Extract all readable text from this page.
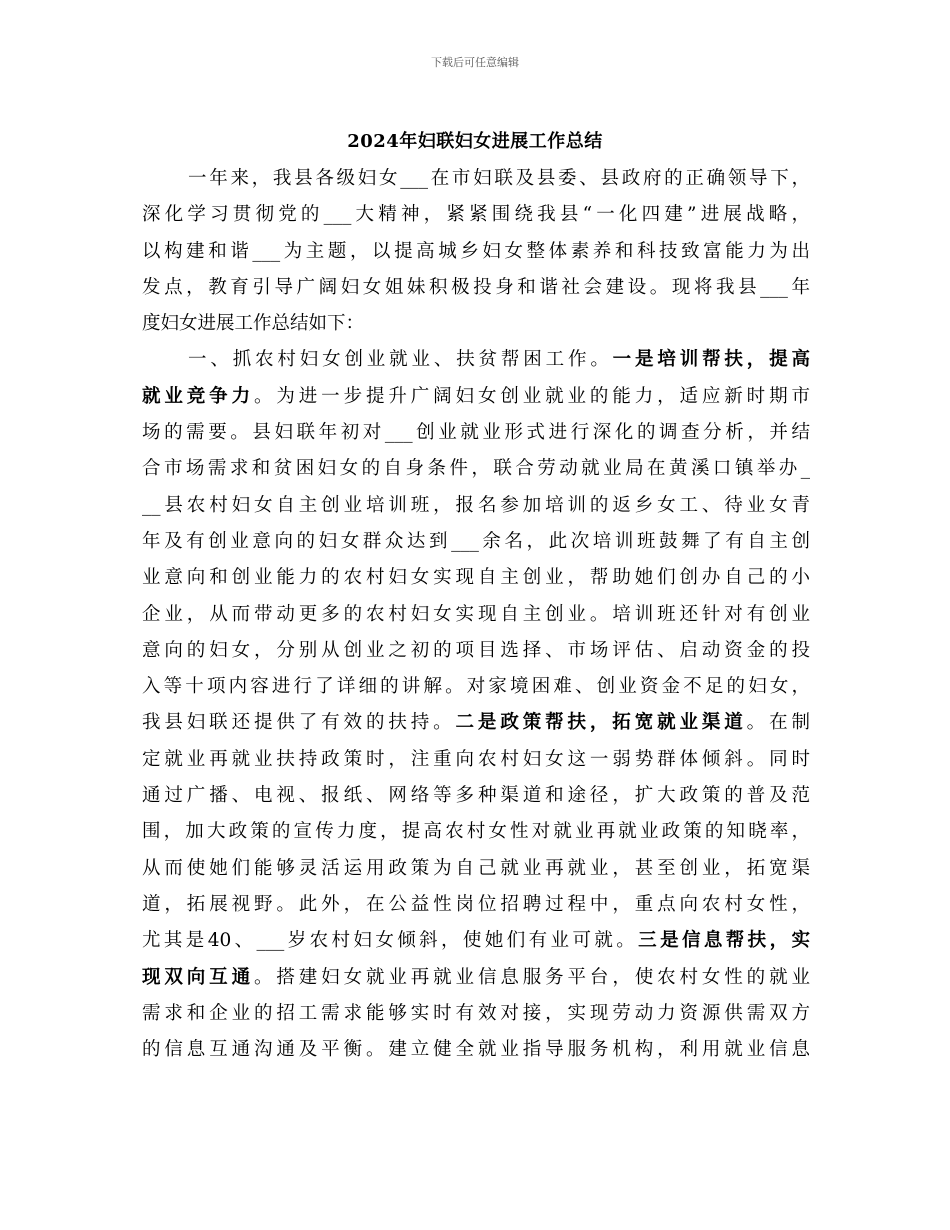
下载后可任意编辑
2024年妇联妇女进展工作总结
一年来，我县各级妇女___在市妇联及县委、县政府的正确领导下，
深化学习贯彻党的___大精神，紧紧围绕我县“一化四建”进展战略，
以构建和谐___为主题，以提高城乡妇女整体素养和科技致富能力为出
发点，教育引导广阔妇女姐妹积极投身和谐社会建设。现将我县___年
度妇女进展工作总结如下：
一、抓农村妇女创业就业、扶贫帮困工作。一是培训帮扶，提高
就业竞争力。为进一步提升广阔妇女创业就业的能力，适应新时期市
场的需要。县妇联年初对___创业就业形式进行深化的调查分析，并结
合市场需求和贫困妇女的自身条件，联合劳动就业局在黄溪口镇举办_
__县农村妇女自主创业培训班，报名参加培训的返乡女工、待业女青
年及有创业意向的妇女群众达到___余名，此次培训班鼓舞了有自主创
业意向和创业能力的农村妇女实现自主创业，帮助她们创办自己的小
企业，从而带动更多的农村妇女实现自主创业。培训班还针对有创业
意向的妇女，分别从创业之初的项目选择、市场评估、启动资金的投
入等十项内容进行了详细的讲解。对家境困难、创业资金不足的妇女，
我县妇联还提供了有效的扶持。二是政策帮扶，拓宽就业渠道。在制
定就业再就业扶持政策时，注重向农村妇女这一弱势群体倾斜。同时
通过广播、电视、报纸、网络等多种渠道和途径，扩大政策的普及范
围，加大政策的宣传力度，提高农村女性对就业再就业政策的知晓率，
从而使她们能够灵活运用政策为自己就业再就业，甚至创业，拓宽渠
道，拓展视野。此外，在公益性岗位招聘过程中，重点向农村女性，
尤其是40、___岁农村妇女倾斜，使她们有业可就。三是信息帮扶，实
现双向互通。搭建妇女就业再就业信息服务平台，使农村女性的就业
需求和企业的招工需求能够实时有效对接，实现劳动力资源供需双方
的信息互通沟通及平衡。建立健全就业指导服务机构，利用就业信息
